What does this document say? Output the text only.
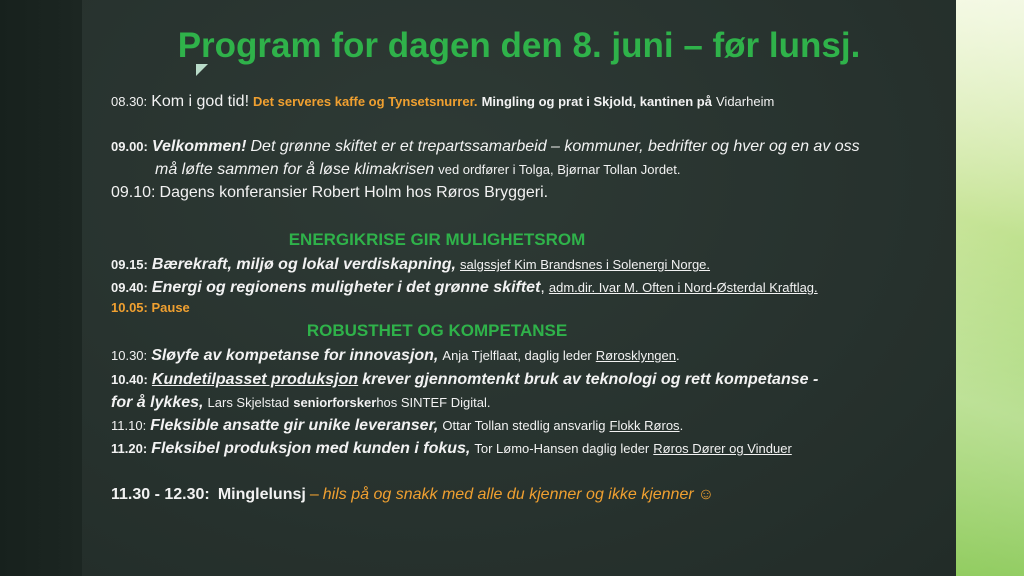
Program for dagen den 8. juni – før lunsj.
08.30: Kom i god tid! Det serveres kaffe og Tynsetsnurrer. Mingling og prat i Skjold, kantinen på Vidarheim
09.00: Velkommen! Det grønne skiftet er et trepartssamarbeid – kommuner, bedrifter og hver og en av oss
må løfte sammen for å løse klimakrisen ved ordfører i Tolga, Bjørnar Tollan Jordet.
09.10: Dagens konferansier Robert Holm hos Røros Bryggeri.
ENERGIKRISE GIR MULIGHETSROM
09.15: Bærekraft, miljø og lokal verdiskapning, salgssjef Kim Brandsnes i Solenergi Norge.
09.40: Energi og regionens muligheter i det grønne skiftet, adm.dir. Ivar M. Often i Nord-Østerdal Kraftlag.
10.05: Pause
ROBUSTHET OG KOMPETANSE
10.30: Sløyfe av kompetanse for innovasjon, Anja Tjelflaat, daglig leder Rørosklyngen.
10.40: Kundetilpasset produksjon krever gjennomtenkt bruk av teknologi og rett kompetanse -
for å lykkes, Lars Skjelstad seniorforskerhos SINTEF Digital.
11.10: Fleksible ansatte gir unike leveranser, Ottar Tollan stedlig ansvarlig Flokk Røros.
11.20: Fleksibel produksjon med kunden i fokus, Tor Lømo-Hansen daglig leder Røros Dører og Vinduer
11.30 - 12.30: Minglelunsj – hils på og snakk med alle du kjenner og ikke kjenner ☺
